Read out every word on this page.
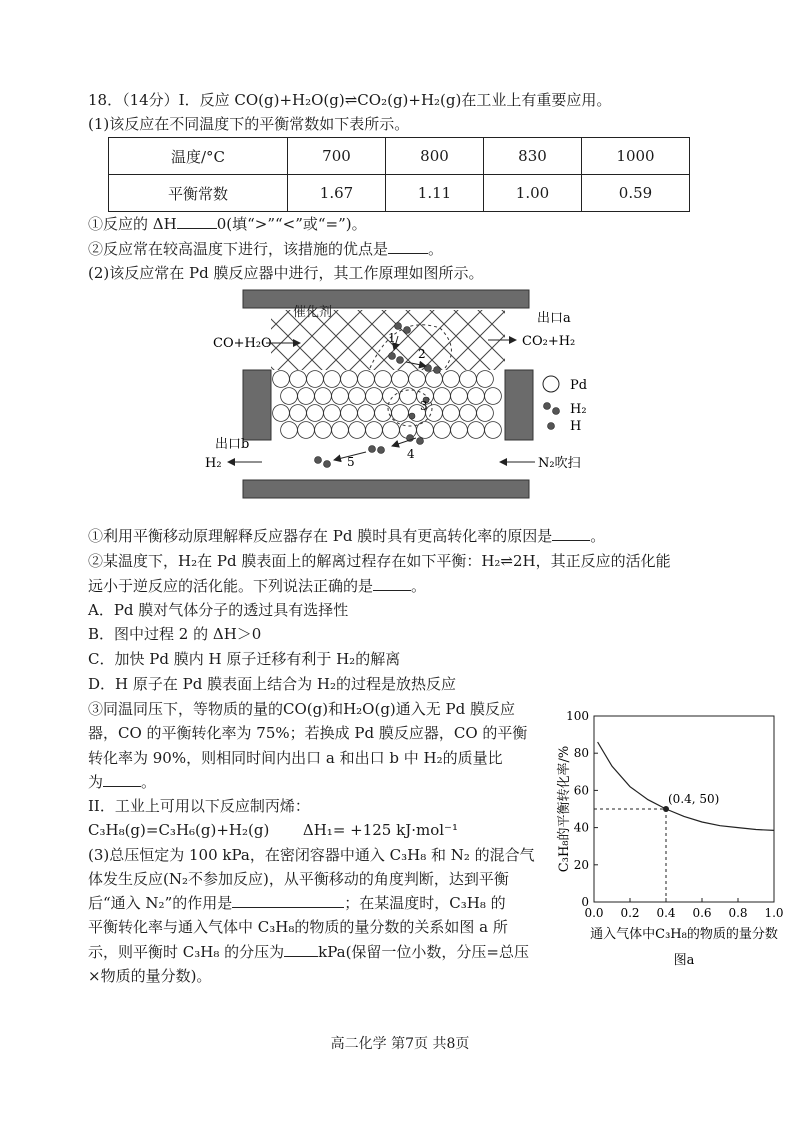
18．（14分）I．反应 CO(g)+H₂O(g)⇌CO₂(g)+H₂(g)在工业上有重要应用。
(1)该反应在不同温度下的平衡常数如下表所示。
温度/°C	700	800	830	1000
平衡常数	1.67	1.11	1.00	0.59
①反应的 ΔH	0(填“>”“<”或“=”)。
②反应常在较高温度下进行，该措施的优点是	。
(2)该反应常在 Pd 膜反应器中进行，其工作原理如图所示。
催化剂
1
2
3
4
5
CO+H₂O
出口a
CO₂+H₂
出口b
H₂	N₂吹扫
Pd
H₂
H
①利用平衡移动原理解释反应器存在 Pd 膜时具有更高转化率的原因是	。
②某温度下，H₂在 Pd 膜表面上的解离过程存在如下平衡：H₂⇌2H，其正反应的活化能
远小于逆反应的活化能。下列说法正确的是	。
A．Pd 膜对气体分子的透过具有选择性
B．图中过程 2 的 ΔH＞0
C．加快 Pd 膜内 H 原子迁移有利于 H₂的解离
D．H 原子在 Pd 膜表面上结合为 H₂的过程是放热反应
③同温同压下，等物质的量的CO(g)和H₂O(g)通入无 Pd 膜反应
器，CO 的平衡转化率为 75%；若换成 Pd 膜反应器，CO 的平衡
转化率为 90%，则相同时间内出口 a 和出口 b 中 H₂的质量比
为	。
II．工业上可用以下反应制丙烯：
C₃H₈(g)=C₃H₆(g)+H₂(g) ΔH₁= +125 kJ·mol⁻¹
(3)总压恒定为 100 kPa，在密闭容器中通入 C₃H₈ 和 N₂ 的混合气
体发生反应(N₂不参加反应)，从平衡移动的角度判断，达到平衡
后“通入 N₂”的作用是	；在某温度时，C₃H₈ 的
平衡转化率与通入气体中 C₃H₈的物质的量分数的关系如图 a 所
示，则平衡时 C₃H₈ 的分压为 kPa(保留一位小数，分压=总压
×物质的量分数)。
0
20
40
60
80
100
0.0 0.2 0.4 0.6 0.8 1.0
(0.4, 50)
通入气体中C₃H₈的物质的量分数
C₃H₈的平衡转化率/%
图a
高二化学 第7页 共8页
